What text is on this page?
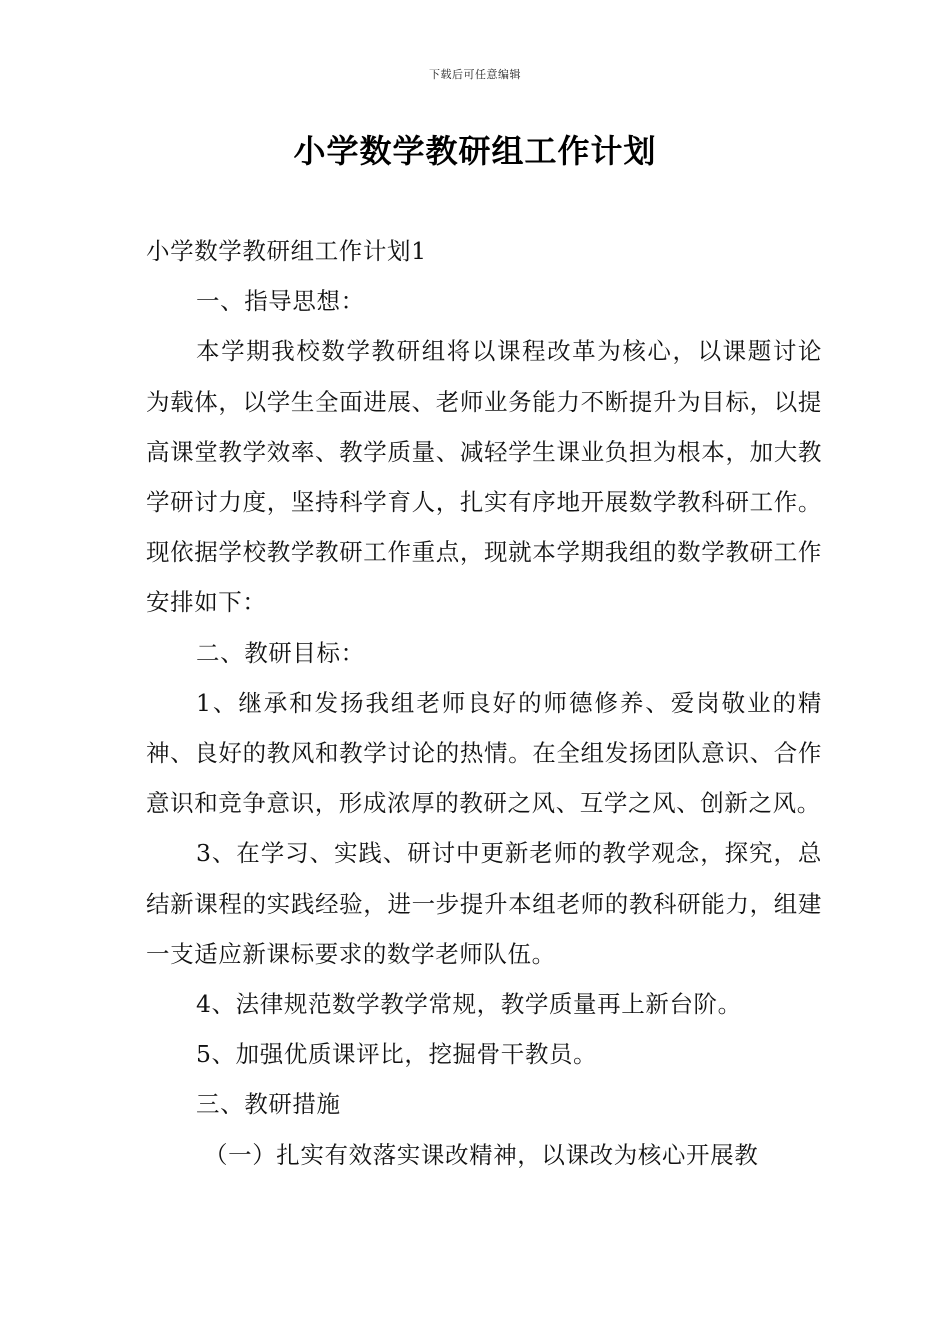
下载后可任意编辑
小学数学教研组工作计划

小学数学教研组工作计划1

一、指导思想：

本学期我校数学教研组将以课程改革为核心，以课题讨论为载体，以学生全面进展、老师业务能力不断提升为目标，以提高课堂教学效率、教学质量、减轻学生课业负担为根本，加大教学研讨力度，坚持科学育人，扎实有序地开展数学教科研工作。现依据学校教学教研工作重点，现就本学期我组的数学教研工作安排如下：

二、教研目标：

1、继承和发扬我组老师良好的师德修养、爱岗敬业的精神、良好的教风和教学讨论的热情。在全组发扬团队意识、合作意识和竞争意识，形成浓厚的教研之风、互学之风、创新之风。

3、在学习、实践、研讨中更新老师的教学观念，探究，总结新课程的实践经验，进一步提升本组老师的教科研能力，组建一支适应新课标要求的数学老师队伍。

4、法律规范数学教学常规，教学质量再上新台阶。

5、加强优质课评比，挖掘骨干教员。

三、教研措施

（一）扎实有效落实课改精神，以课改为核心开展教
